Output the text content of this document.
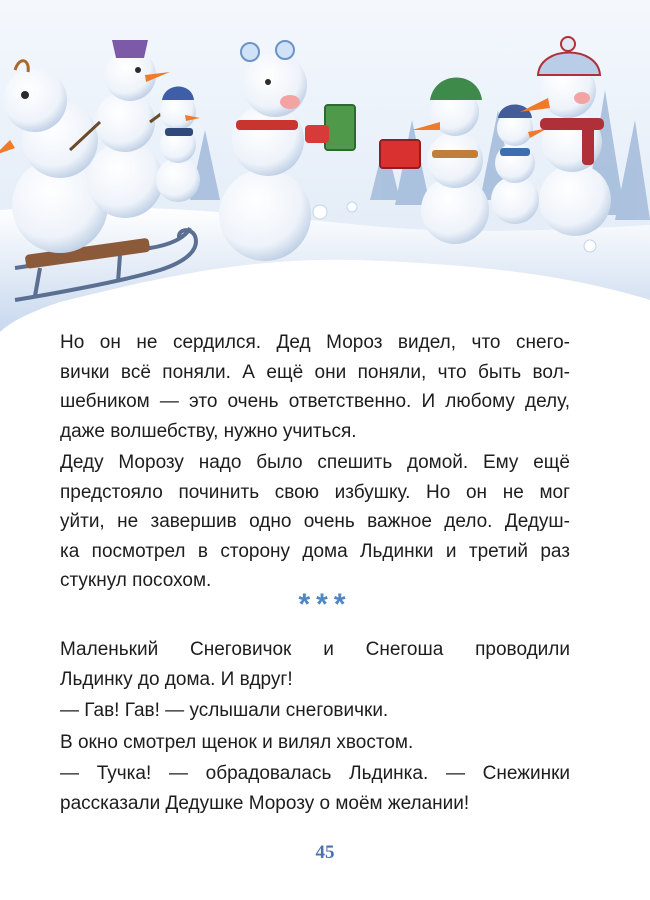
Но он не сердился. Дед Мороз видел, что снего-
вички всё поняли. А ещё они поняли, что быть вол-
шебником — это очень ответственно. И любому делу,
даже волшебству, нужно учиться.

Деду Морозу надо было спешить домой. Ему ещё
предстояло починить свою избушку. Но он не мог
уйти, не завершив одно очень важное дело. Дедуш-
ка посмотрел в сторону дома Льдинки и третий раз
стукнул посохом.

***

Маленький Снеговичок и Снегоша проводили
Льдинку до дома. И вдруг!

— Гав! Гав! — услышали снеговички.

В окно смотрел щенок и вилял хвостом.

— Тучка! — обрадовалась Льдинка. — Снежинки
рассказали Дедушке Морозу о моём желании!

45
